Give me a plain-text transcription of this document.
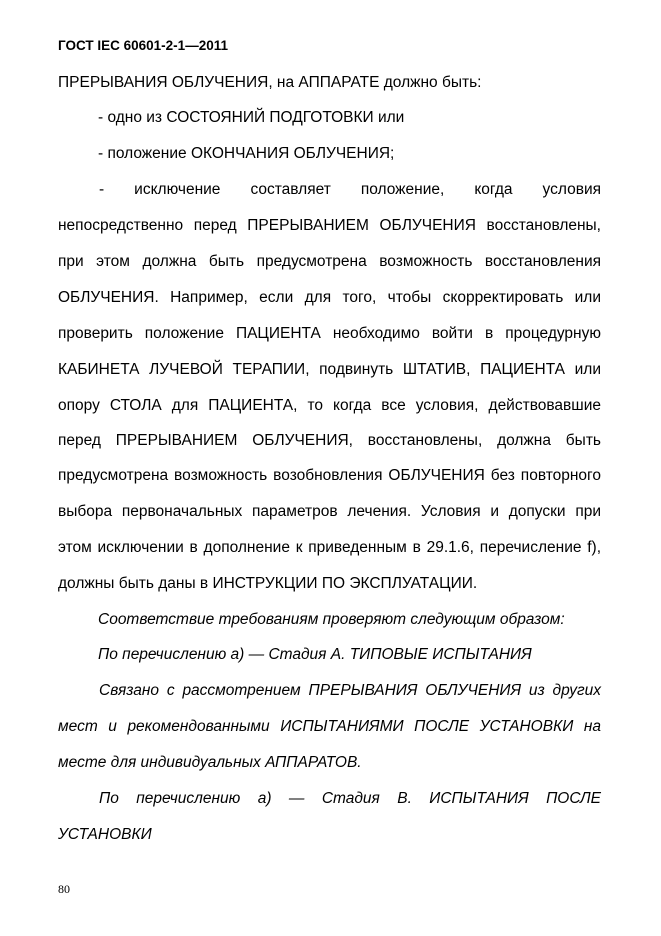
ГОСТ IEC 60601-2-1—2011
ПРЕРЫВАНИЯ ОБЛУЧЕНИЯ, на АППАРАТЕ должно быть:
- одно из СОСТОЯНИЙ ПОДГОТОВКИ или
- положение ОКОНЧАНИЯ ОБЛУЧЕНИЯ;
- исключение составляет положение, когда условия
непосредственно перед ПРЕРЫВАНИЕМ ОБЛУЧЕНИЯ восстановлены,
при этом должна быть предусмотрена возможность восстановления
ОБЛУЧЕНИЯ. Например, если для того, чтобы скорректировать или
проверить положение ПАЦИЕНТА необходимо войти в процедурную
КАБИНЕТА ЛУЧЕВОЙ ТЕРАПИИ, подвинуть ШТАТИВ, ПАЦИЕНТА или
опору СТОЛА для ПАЦИЕНТА, то когда все условия, действовавшие
перед ПРЕРЫВАНИЕМ ОБЛУЧЕНИЯ, восстановлены, должна быть
предусмотрена возможность возобновления ОБЛУЧЕНИЯ без повторного
выбора первоначальных параметров лечения. Условия и допуски при
этом исключении в дополнение к приведенным в 29.1.6, перечисление f),
должны быть даны в ИНСТРУКЦИИ ПО ЭКСПЛУАТАЦИИ.
Соответствие требованиям проверяют следующим образом:
По перечислению а) — Стадия А. ТИПОВЫЕ ИСПЫТАНИЯ
Связано с рассмотрением ПРЕРЫВАНИЯ ОБЛУЧЕНИЯ из других
мест и рекомендованными ИСПЫТАНИЯМИ ПОСЛЕ УСТАНОВКИ на
месте для индивидуальных АППАРАТОВ.
По перечислению а) — Стадия В. ИСПЫТАНИЯ ПОСЛЕ
УСТАНОВКИ
80
